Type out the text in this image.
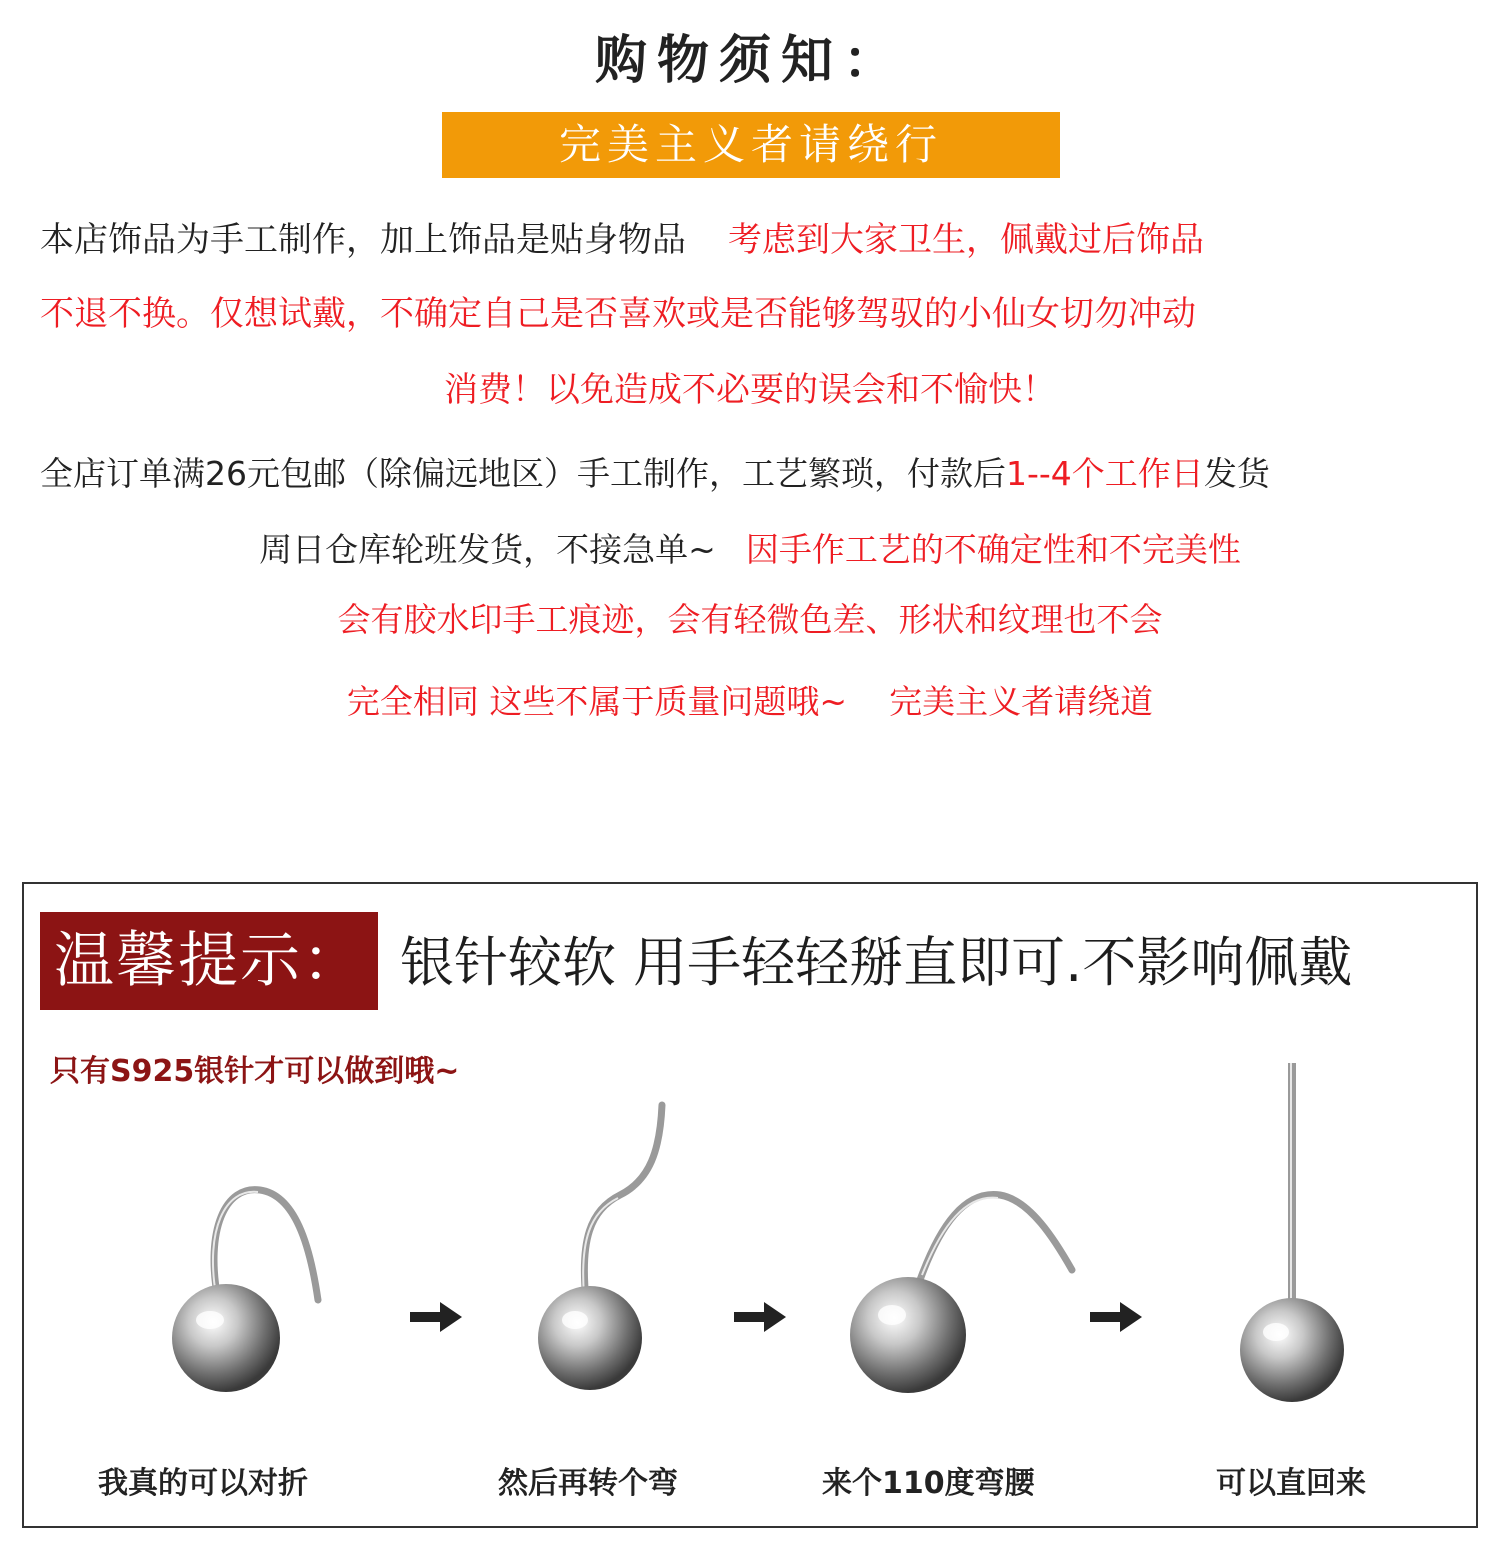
购物须知：
完美主义者请绕行
本店饰品为手工制作，加上饰品是贴身物品 考虑到大家卫生，佩戴过后饰品
不退不换。仅想试戴，不确定自己是否喜欢或是否能够驾驭的小仙女切勿冲动
消费！以免造成不必要的误会和不愉快！
全店订单满26元包邮（除偏远地区）手工制作，工艺繁琐，付款后1--4个工作日发货
周日仓库轮班发货，不接急单~ 因手作工艺的不确定性和不完美性
会有胶水印手工痕迹，会有轻微色差、形状和纹理也不会
完全相同 这些不属于质量问题哦~ 完美主义者请绕道
温馨提示： 银针较软 用手轻轻掰直即可.不影响佩戴
只有S925银针才可以做到哦~
我真的可以对折	然后再转个弯	来个110度弯腰	可以直回来
